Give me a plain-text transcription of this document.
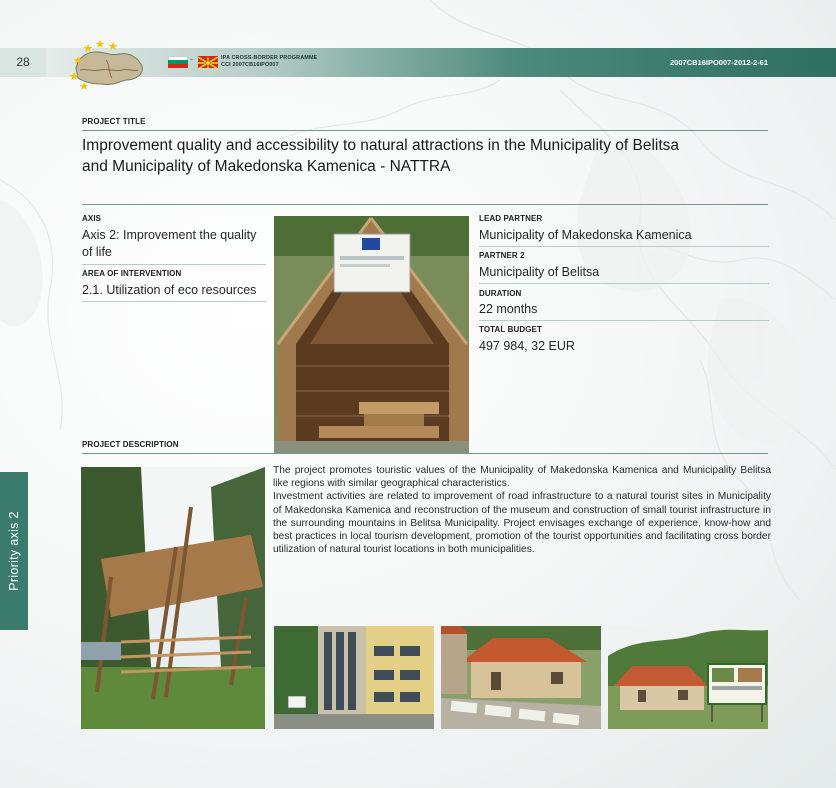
28	-	IPA CROSS-BORDER PROGRAMME
CCI 2007CB16IPO007	2007CB16IPO007-2012-2-61
PROJECT TITLE
Improvement quality and accessibility to natural attractions in the Municipality of Belitsa
and Municipality of Makedonska Kamenica - NATTRA
AXIS
Axis 2: Improvement the quality
of life
AREA OF INTERVENTION
2.1. Utilization of eco resources
LEAD PARTNER
Municipality of Makedonska Kamenica
PARTNER 2
Municipality of Belitsa
DURATION
22 months
TOTAL BUDGET
497 984, 32 EUR
PROJECT DESCRIPTION

The project promotes touristic values of the Municipality of Makedonska Kamenica and Municipality Belitsa like regions with similar geographical characteristics.

Investment activities are related to improvement of road infrastructure to a natural tourist sites in Municipality of Makedonska Kamenica and reconstruction of the museum and construction of small tourist infrastructure in the surrounding mountains in Belitsa Municipality. Project envisages exchange of experience, know-how and best practices in local tourism development, promotion of the tourist opportunities and facilitating cross border utilization of natural tourist locations in both municipalities.

Priority axis 2
